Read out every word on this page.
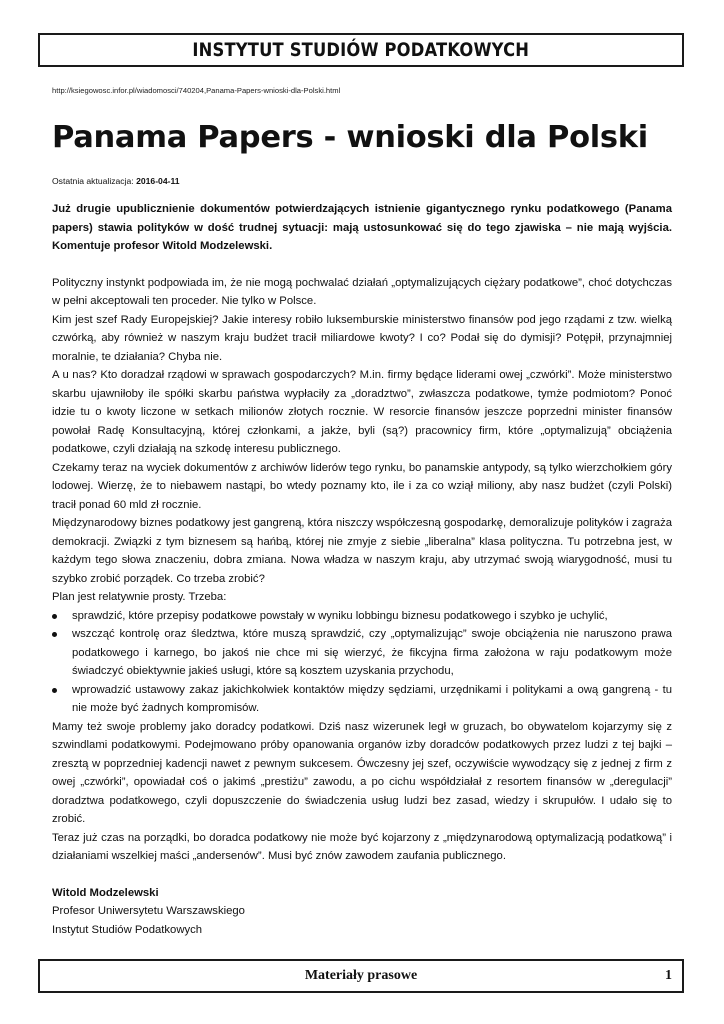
INSTYTUT STUDIÓW PODATKOWYCH
http://ksiegowosc.infor.pl/wiadomosci/740204,Panama-Papers-wnioski-dla-Polski.html
Panama Papers - wnioski dla Polski
Ostatnia aktualizacja: 2016-04-11

Już drugie upublicznienie dokumentów potwierdzających istnienie gigantycznego rynku podatkowego (Panama papers) stawia polityków w dość trudnej sytuacji: mają ustosunkować się do tego zjawiska – nie mają wyjścia. Komentuje profesor Witold Modzelewski.

Polityczny instynkt podpowiada im, że nie mogą pochwalać działań „optymalizujących ciężary podatkowe”, choć dotychczas w pełni akceptowali ten proceder. Nie tylko w Polsce.

Kim jest szef Rady Europejskiej? Jakie interesy robiło luksemburskie ministerstwo finansów pod jego rządami z tzw. wielką czwórką, aby również w naszym kraju budżet tracił miliardowe kwoty? I co? Podał się do dymisji? Potępił, przynajmniej moralnie, te działania? Chyba nie.

A u nas? Kto doradzał rządowi w sprawach gospodarczych? M.in. firmy będące liderami owej „czwórki”. Może ministerstwo skarbu ujawniłoby ile spółki skarbu państwa wypłaciły za „doradztwo”, zwłaszcza podatkowe, tymże podmiotom? Ponoć idzie tu o kwoty liczone w setkach milionów złotych rocznie. W resorcie finansów jeszcze poprzedni minister finansów powołał Radę Konsultacyjną, której członkami, a jakże, byli (są?) pracownicy firm, które „optymalizują” obciążenia podatkowe, czyli działają na szkodę interesu publicznego.

Czekamy teraz na wyciek dokumentów z archiwów liderów tego rynku, bo panamskie antypody, są tylko wierzchołkiem góry lodowej. Wierzę, że to niebawem nastąpi, bo wtedy poznamy kto, ile i za co wziął miliony, aby nasz budżet (czyli Polski) tracił ponad 60 mld zł rocznie.

Międzynarodowy biznes podatkowy jest gangreną, która niszczy współczesną gospodarkę, demoralizuje polityków i zagraża demokracji. Związki z tym biznesem są hańbą, której nie zmyje z siebie „liberalna” klasa polityczna. Tu potrzebna jest, w każdym tego słowa znaczeniu, dobra zmiana. Nowa władza w naszym kraju, aby utrzymać swoją wiarygodność, musi tu szybko zrobić porządek. Co trzeba zrobić?

Plan jest relatywnie prosty. Trzeba:

sprawdzić, które przepisy podatkowe powstały w wyniku lobbingu biznesu podatkowego i szybko je uchylić,
wszcząć kontrolę oraz śledztwa, które muszą sprawdzić, czy „optymalizując” swoje obciążenia nie naruszono prawa podatkowego i karnego, bo jakoś nie chce mi się wierzyć, że fikcyjna firma założona w raju podatkowym może świadczyć obiektywnie jakieś usługi, które są kosztem uzyskania przychodu,
wprowadzić ustawowy zakaz jakichkolwiek kontaktów między sędziami, urzędnikami i politykami a ową gangreną - tu nie może być żadnych kompromisów.

Mamy też swoje problemy jako doradcy podatkowi. Dziś nasz wizerunek legł w gruzach, bo obywatelom kojarzymy się z szwindlami podatkowymi. Podejmowano próby opanowania organów izby doradców podatkowych przez ludzi z tej bajki – zresztą w poprzedniej kadencji nawet z pewnym sukcesem. Ówczesny jej szef, oczywiście wywodzący się z jednej z firm z owej „czwórki”, opowiadał coś o jakimś „prestiżu” zawodu, a po cichu współdziałał z resortem finansów w „deregulacji” doradztwa podatkowego, czyli dopuszczenie do świadczenia usług ludzi bez zasad, wiedzy i skrupułów. I udało się to zrobić.

Teraz już czas na porządki, bo doradca podatkowy nie może być kojarzony z „międzynarodową optymalizacją podatkową” i działaniami wszelkiej maści „andersenów”. Musi być znów zawodem zaufania publicznego.

Witold Modzelewski

Profesor Uniwersytetu Warszawskiego

Instytut Studiów Podatkowych

Materiały prasowe	1
